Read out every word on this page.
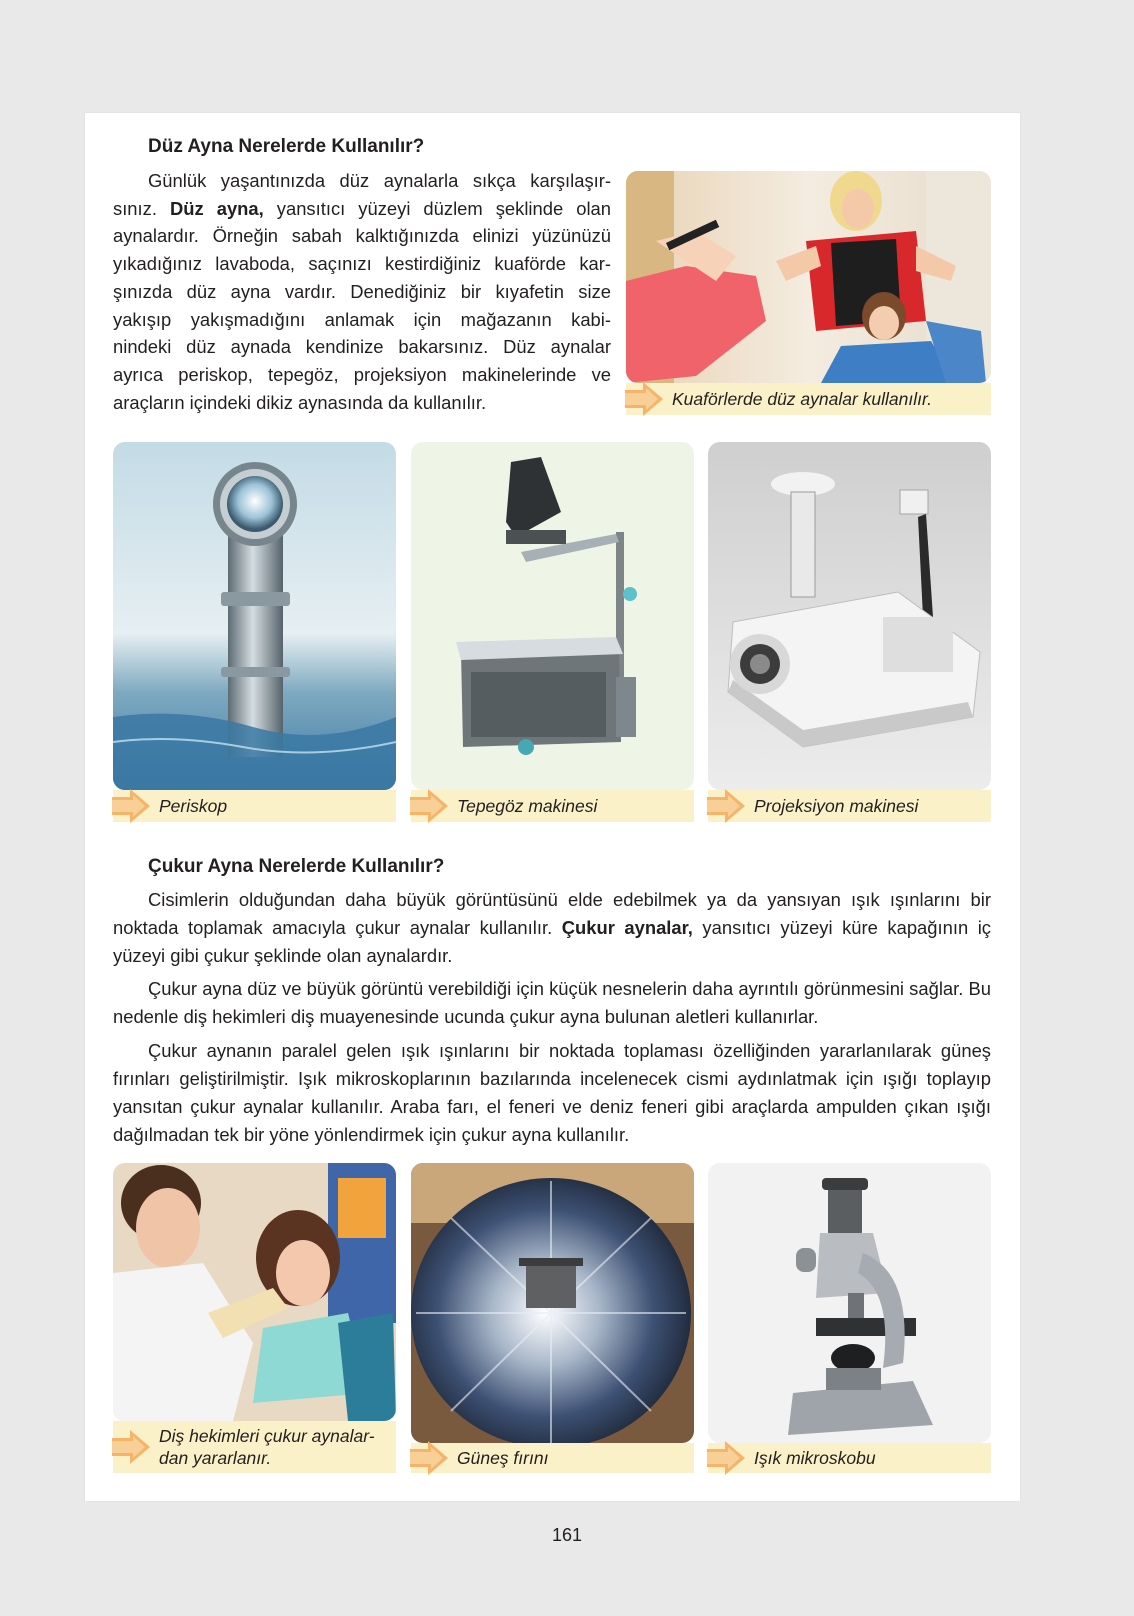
Düz Ayna Nerelerde Kullanılır?
Günlük yaşantınızda düz aynalarla sıkça karşılaşır-
sınız. Düz ayna, yansıtıcı yüzeyi düzlem şeklinde olan
aynalardır. Örneğin sabah kalktığınızda elinizi yüzünüzü
yıkadığınız lavaboda, saçınızı kestirdiğiniz kuaförde kar-
şınızda düz ayna vardır. Denediğiniz bir kıyafetin size
yakışıp yakışmadığını anlamak için mağazanın kabi-
nindeki düz aynada kendinize bakarsınız. Düz aynalar
ayrıca periskop, tepegöz, projeksiyon makinelerinde ve
araçların içindeki dikiz aynasında da kullanılır.	Kuaförlerde düz aynalar kullanılır.
Periskop	Tepegöz makinesi	Projeksiyon makinesi
Çukur Ayna Nerelerde Kullanılır?

Cisimlerin olduğundan daha büyük görüntüsünü elde edebilmek ya da yansıyan ışık ışınlarını bir noktada toplamak amacıyla çukur aynalar kullanılır. Çukur aynalar, yansıtıcı yüzeyi küre kapağının iç yüzeyi gibi çukur şeklinde olan aynalardır.

Çukur ayna düz ve büyük görüntü verebildiği için küçük nesnelerin daha ayrıntılı görünmesini sağlar. Bu nedenle diş hekimleri diş muayenesinde ucunda çukur ayna bulunan aletleri kullanırlar.

Çukur aynanın paralel gelen ışık ışınlarını bir noktada toplaması özelliğinden yararlanılarak güneş fırınları geliştirilmiştir. Işık mikroskoplarının bazılarında incelenecek cismi aydınlatmak için ışığı toplayıp yansıtan çukur aynalar kullanılır. Araba farı, el feneri ve deniz feneri gibi araçlarda ampulden çıkan ışığı dağılmadan tek bir yöne yönlendirmek için çukur ayna kullanılır.

Diş hekimleri çukur aynalar-
dan yararlanır.	Güneş fırını	Işık mikroskobu
161
